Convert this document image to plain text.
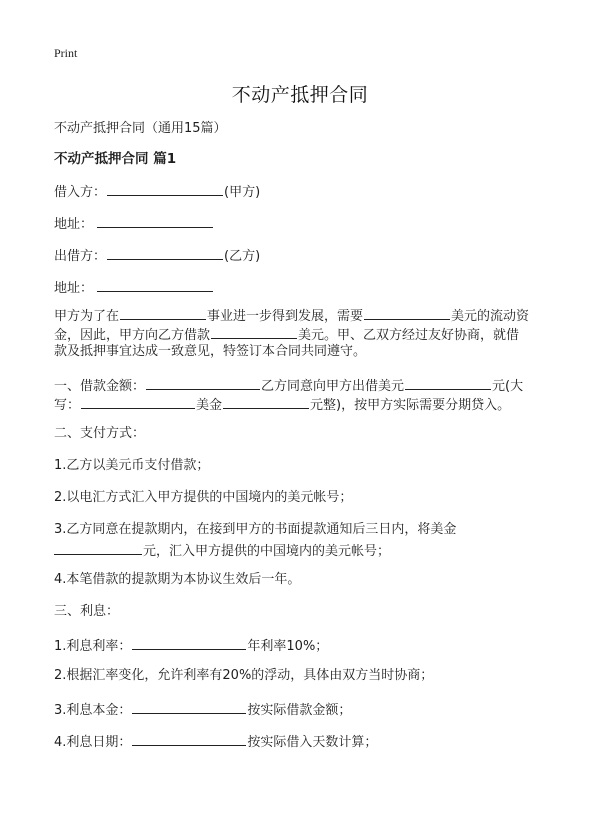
Print
不动产抵押合同
不动产抵押合同（通用15篇）
不动产抵押合同 篇1
借入方：	(甲方)
地址：
出借方：	(乙方)
地址：
甲方为了在	事业进一步得到发展，需要	美元的流动资
金，因此，甲方向乙方借款	美元。甲、乙双方经过友好协商，就借
款及抵押事宜达成一致意见，特签订本合同共同遵守。
一、借款金额：	乙方同意向甲方出借美元	元(大
写：	美金	元整)，按甲方实际需要分期贷入。
二、支付方式：
1.乙方以美元币支付借款；
2.以电汇方式汇入甲方提供的中国境内的美元帐号；
3.乙方同意在提款期内，在接到甲方的书面提款通知后三日内，将美金
元，汇入甲方提供的中国境内的美元帐号；
4.本笔借款的提款期为本协议生效后一年。
三、利息：
1.利息利率：	年利率10%；
2.根据汇率变化，允许利率有20%的浮动，具体由双方当时协商；
3.利息本金：	按实际借款金额；
4.利息日期：	按实际借入天数计算；
